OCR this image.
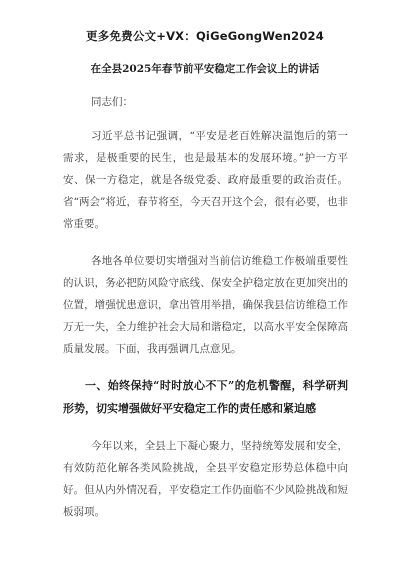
更多免费公文+VX：QiGeGongWen2024
在全县2025年春节前平安稳定工作会议上的讲话
同志们：
习近平总书记强调，“平安是老百姓解决温饱后的第一需求，是极重要的民生，也是最基本的发展环境。”护一方平安、保一方稳定，就是各级党委、政府最重要的政治责任。省“两会”将近，春节将至，今天召开这个会，很有必要，也非常重要。
各地各单位要切实增强对当前信访维稳工作极端重要性的认识，务必把防风险守底线、保安全护稳定放在更加突出的位置，增强忧患意识，拿出管用举措，确保我县信访维稳工作万无一失，全力维护社会大局和谐稳定，以高水平安全保障高质量发展。下面，我再强调几点意见。
一、始终保持“时时放心不下”的危机警醒，科学研判形势，切实增强做好平安稳定工作的责任感和紧迫感
今年以来，全县上下凝心聚力，坚持统筹发展和安全，有效防范化解各类风险挑战，全县平安稳定形势总体稳中向好。但从内外情况看，平安稳定工作仍面临不少风险挑战和短板弱项。
